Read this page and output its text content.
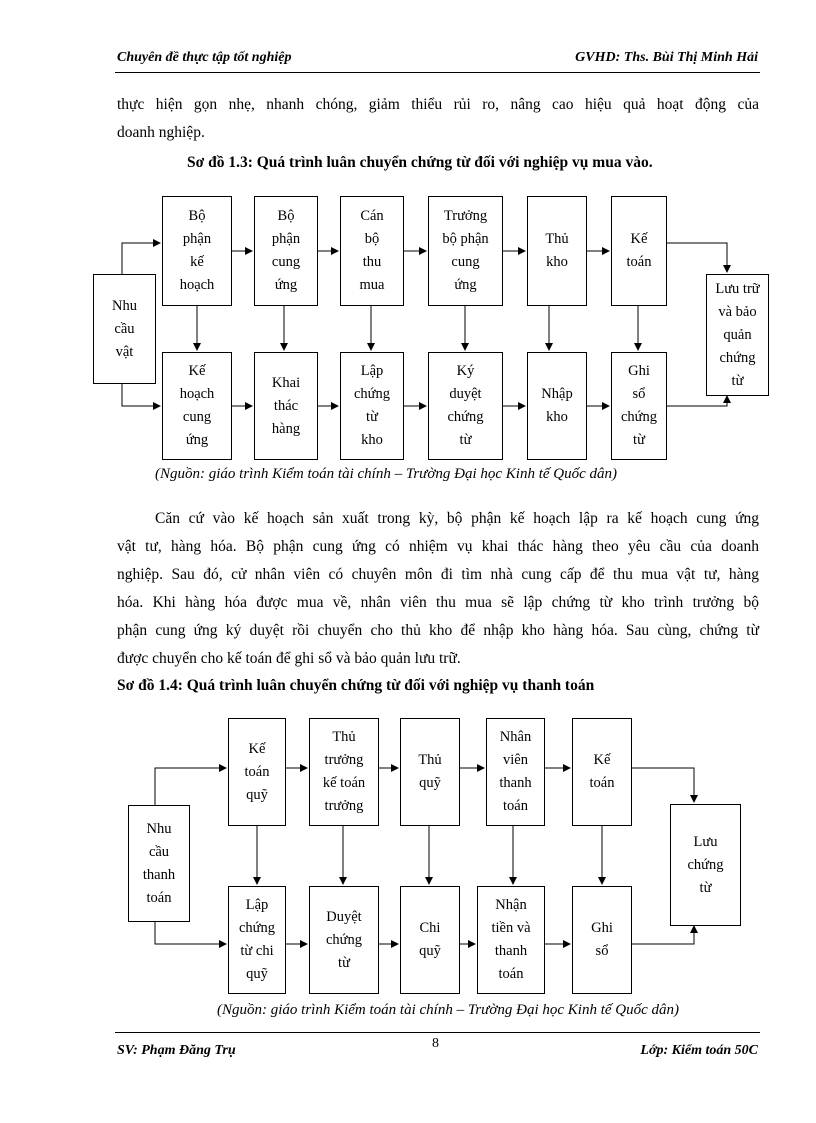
Chuyên đề thực tập tốt nghiệp	GVHD: Ths. Bùi Thị Minh Hải
thực hiện gọn nhẹ, nhanh chóng, giảm thiểu rủi ro, nâng cao hiệu quả hoạt động của
doanh nghiệp.
Sơ đồ 1.3: Quá trình luân chuyển chứng từ đối với nghiệp vụ mua vào.
Nhu
cầu
vật
Bộ
phận
kế
hoạch
Bộ
phận
cung
ứng
Cán
bộ
thu
mua
Trưởng
bộ phận
cung
ứng
Thủ
kho
Kế
toán
Kế
hoạch
cung
ứng
Khai
thác
hàng
Lập
chứng
từ
kho
Ký
duyệt
chứng
từ
Nhập
kho
Ghi
sổ
chứng
từ
Lưu trữ
và bảo
quản
chứng
từ
(Nguồn: giáo trình Kiểm toán tài chính – Trường Đại học Kinh tế Quốc dân)
Căn cứ vào kế hoạch sản xuất trong kỳ, bộ phận kế hoạch lập ra kế hoạch cung ứng
vật tư, hàng hóa. Bộ phận cung ứng có nhiệm vụ khai thác hàng theo yêu cầu của doanh
nghiệp. Sau đó, cử nhân viên có chuyên môn đi tìm nhà cung cấp để thu mua vật tư, hàng
hóa. Khi hàng hóa được mua về, nhân viên thu mua sẽ lập chứng từ kho trình trưởng bộ
phận cung ứng ký duyệt rồi chuyển cho thủ kho để nhập kho hàng hóa. Sau cùng, chứng từ
được chuyển cho kế toán để ghi sổ và bảo quản lưu trữ.
Sơ đồ 1.4: Quá trình luân chuyển chứng từ đối với nghiệp vụ thanh toán
Nhu
cầu
thanh
toán
Kế
toán
quỹ
Thủ
trưởng
kế toán
trưởng
Thủ
quỹ
Nhân
viên
thanh
toán
Kế
toán
Lập
chứng
từ chi
quỹ
Duyệt
chứng
từ
Chi
quỹ
Nhận
tiền và
thanh
toán
Ghi
sổ
Lưu
chứng
từ
(Nguồn: giáo trình Kiểm toán tài chính – Trường Đại học Kinh tế Quốc dân)
8
SV: Phạm Đăng Trụ	Lớp: Kiểm toán 50C
